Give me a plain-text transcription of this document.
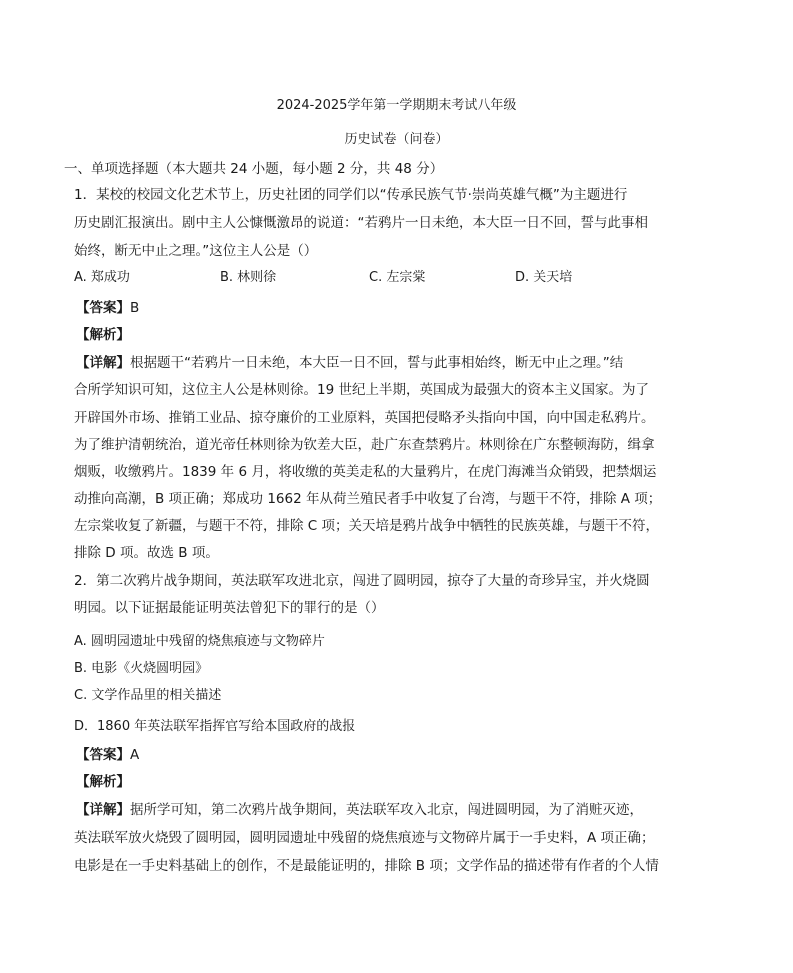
2024-2025学年第一学期期末考试八年级
历史试卷（问卷）
一、单项选择题（本大题共 24 小题，每小题 2 分，共 48 分）
1．某校的校园文化艺术节上，历史社团的同学们以“传承民族气节·崇尚英雄气概”为主题进行
历史剧汇报演出。剧中主人公慷慨激昂的说道：“若鸦片一日未绝，本大臣一日不回，誓与此事相
始终，断无中止之理。”这位主人公是（）
A. 郑成功	B. 林则徐	C. 左宗棠	D. 关天培
【答案】B
【解析】
【详解】根据题干“若鸦片一日未绝，本大臣一日不回，誓与此事相始终，断无中止之理。”结
合所学知识可知，这位主人公是林则徐。19 世纪上半期，英国成为最强大的资本主义国家。为了
开辟国外市场、推销工业品、掠夺廉价的工业原料，英国把侵略矛头指向中国，向中国走私鸦片。
为了维护清朝统治，道光帝任林则徐为钦差大臣，赴广东查禁鸦片。林则徐在广东整顿海防，缉拿
烟贩，收缴鸦片。1839 年 6 月，将收缴的英美走私的大量鸦片，在虎门海滩当众销毁，把禁烟运
动推向高潮，B 项正确；郑成功 1662 年从荷兰殖民者手中收复了台湾，与题干不符，排除 A 项；
左宗棠收复了新疆，与题干不符，排除 C 项；关天培是鸦片战争中牺牲的民族英雄，与题干不符，
排除 D 项。故选 B 项。
2．第二次鸦片战争期间，英法联军攻进北京，闯进了圆明园，掠夺了大量的奇珍异宝，并火烧圆
明园。以下证据最能证明英法曾犯下的罪行的是（）
A. 圆明园遗址中残留的烧焦痕迹与文物碎片
B. 电影《火烧圆明园》
C. 文学作品里的相关描述
D．1860 年英法联军指挥官写给本国政府的战报
【答案】A
【解析】
【详解】据所学可知，第二次鸦片战争期间，英法联军攻入北京，闯进圆明园，为了消赃灭迹，
英法联军放火烧毁了圆明园，圆明园遗址中残留的烧焦痕迹与文物碎片属于一手史料，A 项正确；
电影是在一手史料基础上的创作，不是最能证明的，排除 B 项；文学作品的描述带有作者的个人情
